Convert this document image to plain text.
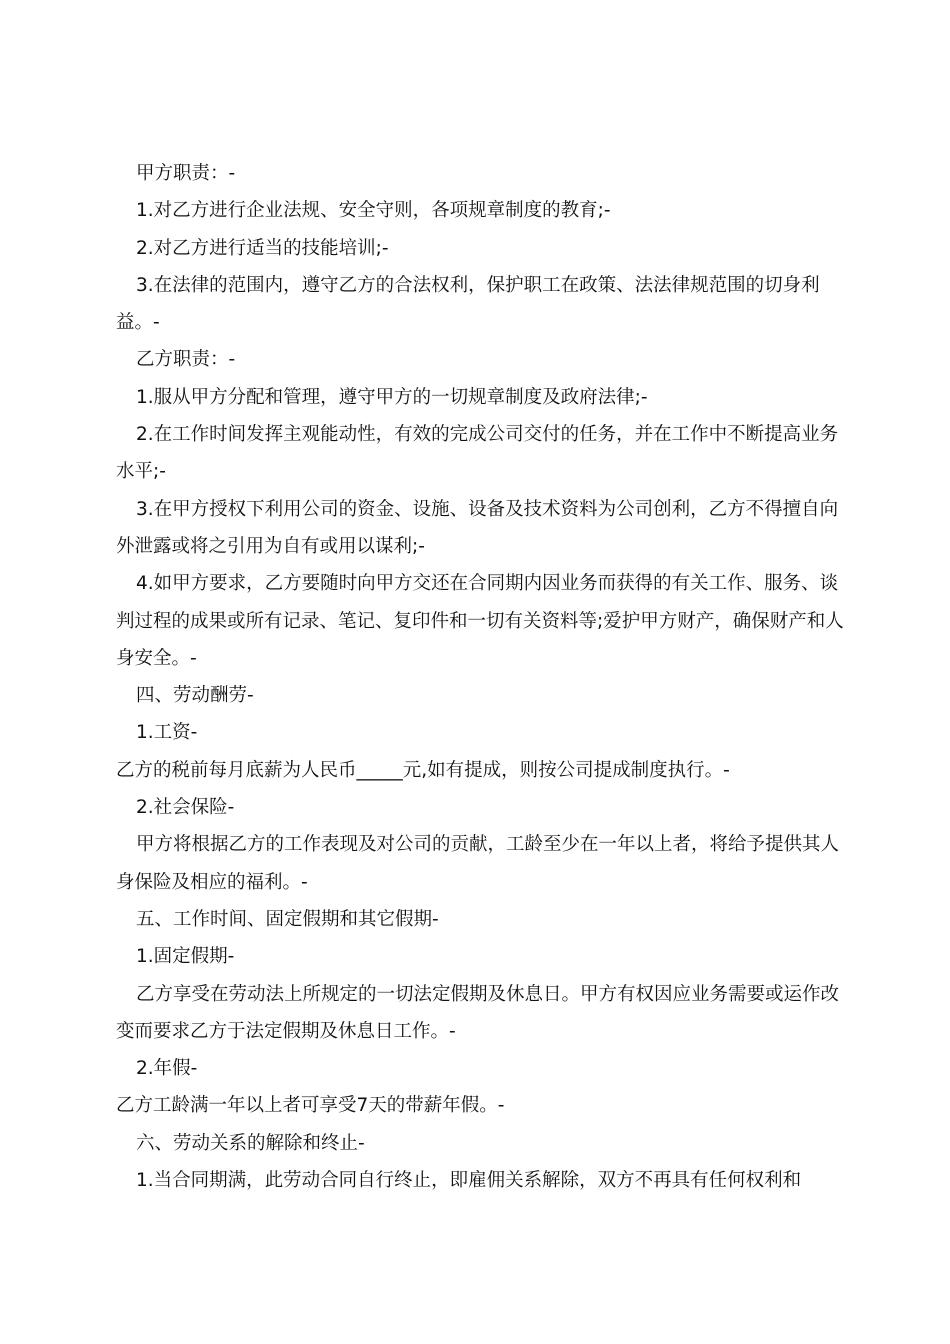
甲方职责：-

1.对乙方进行企业法规、安全守则，各项规章制度的教育;-

2.对乙方进行适当的技能培训;-

3.在法律的范围内，遵守乙方的合法权利，保护职工在政策、法法律规范围的切身利益。-

乙方职责：-

1.服从甲方分配和管理，遵守甲方的一切规章制度及政府法律;-

2.在工作时间发挥主观能动性，有效的完成公司交付的任务，并在工作中不断提高业务水平;-

3.在甲方授权下利用公司的资金、设施、设备及技术资料为公司创利，乙方不得擅自向外泄露或将之引用为自有或用以谋利;-

4.如甲方要求，乙方要随时向甲方交还在合同期内因业务而获得的有关工作、服务、谈判过程的成果或所有记录、笔记、复印件和一切有关资料等;爱护甲方财产，确保财产和人身安全。-

四、劳动酬劳-

1.工资-

乙方的税前每月底薪为人民币_____元,如有提成，则按公司提成制度执行。-

2.社会保险-

甲方将根据乙方的工作表现及对公司的贡献，工龄至少在一年以上者，将给予提供其人身保险及相应的福利。-

五、工作时间、固定假期和其它假期-

1.固定假期-

乙方享受在劳动法上所规定的一切法定假期及休息日。甲方有权因应业务需要或运作改变而要求乙方于法定假期及休息日工作。-

2.年假-

乙方工龄满一年以上者可享受7天的带薪年假。-

六、劳动关系的解除和终止-

1.当合同期满，此劳动合同自行终止，即雇佣关系解除，双方不再具有任何权利和
